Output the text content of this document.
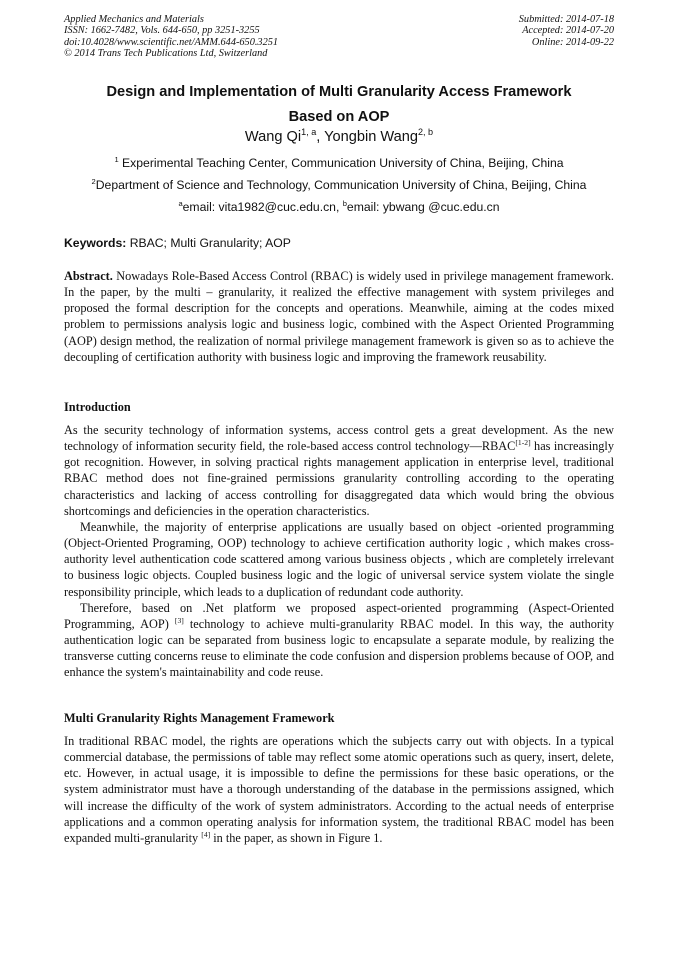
Applied Mechanics and Materials
ISSN: 1662-7482, Vols. 644-650, pp 3251-3255
doi:10.4028/www.scientific.net/AMM.644-650.3251
© 2014 Trans Tech Publications Ltd, Switzerland
Submitted: 2014-07-18
Accepted: 2014-07-20
Online: 2014-09-22
Design and Implementation of Multi Granularity Access Framework
Based on AOP
Wang Qi$^{1, a}$, Yongbin Wang$^{2, b}$
$^1$ Experimental Teaching Center, Communication University of China, Beijing, China
$^2$Department of Science and Technology, Communication University of China, Beijing, China
$^a$email: vita1982@cuc.edu.cn, $^b$email: ybwang @cuc.edu.cn
Keywords: RBAC; Multi Granularity; AOP

Abstract. Nowadays Role-Based Access Control (RBAC) is widely used in privilege management framework. In the paper, by the multi – granularity, it realized the effective management with system privileges and proposed the formal description for the concepts and operations. Meanwhile, aiming at the codes mixed problem to permissions analysis logic and business logic, combined with the Aspect Oriented Programming (AOP) design method, the realization of normal privilege management framework is given so as to achieve the decoupling of certification authority with business logic and improving the framework reusability.

Introduction

As the security technology of information systems, access control gets a great development. As the new technology of information security field, the role-based access control technology—RBAC[1-2] has increasingly got recognition. However, in solving practical rights management application in enterprise level, traditional RBAC method does not fine-grained permissions granularity controlling according to the operating characteristics and lacking of access controlling for disaggregated data which would bring the obvious shortcomings and deficiencies in the operation characteristics.

Meanwhile, the majority of enterprise applications are usually based on object -oriented programming (Object-Oriented Programing, OOP) technology to achieve certification authority logic , which makes cross- authority level authentication code scattered among various business objects , which are completely irrelevant to business logic objects. Coupled business logic and the logic of universal service system violate the single responsibility principle, which leads to a duplication of redundant code authority.

Therefore, based on .Net platform we proposed aspect-oriented programming (Aspect-Oriented Programming, AOP) [3] technology to achieve multi-granularity RBAC model. In this way, the authority authentication logic can be separated from business logic to encapsulate a separate module, by realizing the transverse cutting concerns reuse to eliminate the code confusion and dispersion problems because of OOP, and enhance the system's maintainability and code reuse.

Multi Granularity Rights Management Framework

In traditional RBAC model, the rights are operations which the subjects carry out with objects. In a typical commercial database, the permissions of table may reflect some atomic operations such as query, insert, delete, etc. However, in actual usage, it is impossible to define the permissions for these basic operations, or the system administrator must have a thorough understanding of the database in the permissions assigned, which will increase the difficulty of the work of system administrators. According to the actual needs of enterprise applications and a common operating analysis for information system, the traditional RBAC model has been expanded multi-granularity [4] in the paper, as shown in Figure 1.
